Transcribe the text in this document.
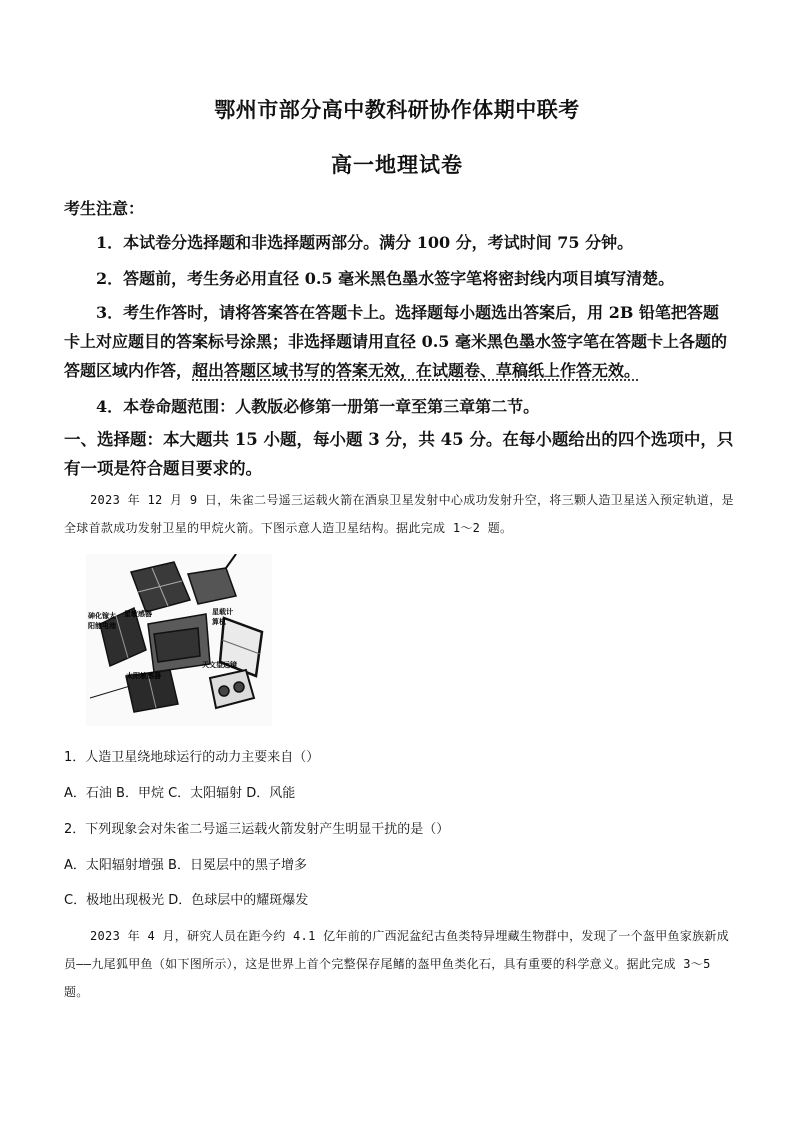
鄂州市部分高中教科研协作体期中联考
高一地理试卷
考生注意：
1．本试卷分选择题和非选择题两部分。满分 100 分，考试时间 75 分钟。
2．答题前，考生务必用直径 0.5 毫米黑色墨水签字笔将密封线内项目填写清楚。
3．考生作答时，请将答案答在答题卡上。选择题每小题选出答案后，用 2B 铅笔把答题卡上对应题目的答案标号涂黑；非选择题请用直径 0.5 毫米黑色墨水签字笔在答题卡上各题的答题区域内作答，超出答题区域书写的答案无效，在试题卷、草稿纸上作答无效。
4．本卷命题范围：人教版必修第一册第一章至第三章第二节。
一、选择题：本大题共 15 小题，每小题 3 分，共 45 分。在每小题给出的四个选项中，只有一项是符合题目要求的。
2023 年 12 月 9 日，朱雀二号遥三运载火箭在酒泉卫星发射中心成功发射升空，将三颗人造卫星送入预定轨道，是全球首款成功发射卫星的甲烷火箭。下图示意人造卫星结构。据此完成 1～2 题。
砷化镓太
阳能电池
星敏感器	星载计
算机
天文望远镜
太阳敏感器
1．人造卫星绕地球运行的动力主要来自（）
A．石油 B．甲烷 C．太阳辐射 D．风能
2．下列现象会对朱雀二号遥三运载火箭发射产生明显干扰的是（）
A．太阳辐射增强 B．日冕层中的黑子增多
C．极地出现极光 D．色球层中的耀斑爆发
2023 年 4 月，研究人员在距今约 4.1 亿年前的广西泥盆纪古鱼类特异埋藏生物群中，发现了一个盔甲鱼家族新成员——九尾狐甲鱼（如下图所示），这是世界上首个完整保存尾鳍的盔甲鱼类化石，具有重要的科学意义。据此完成 3～5 题。
